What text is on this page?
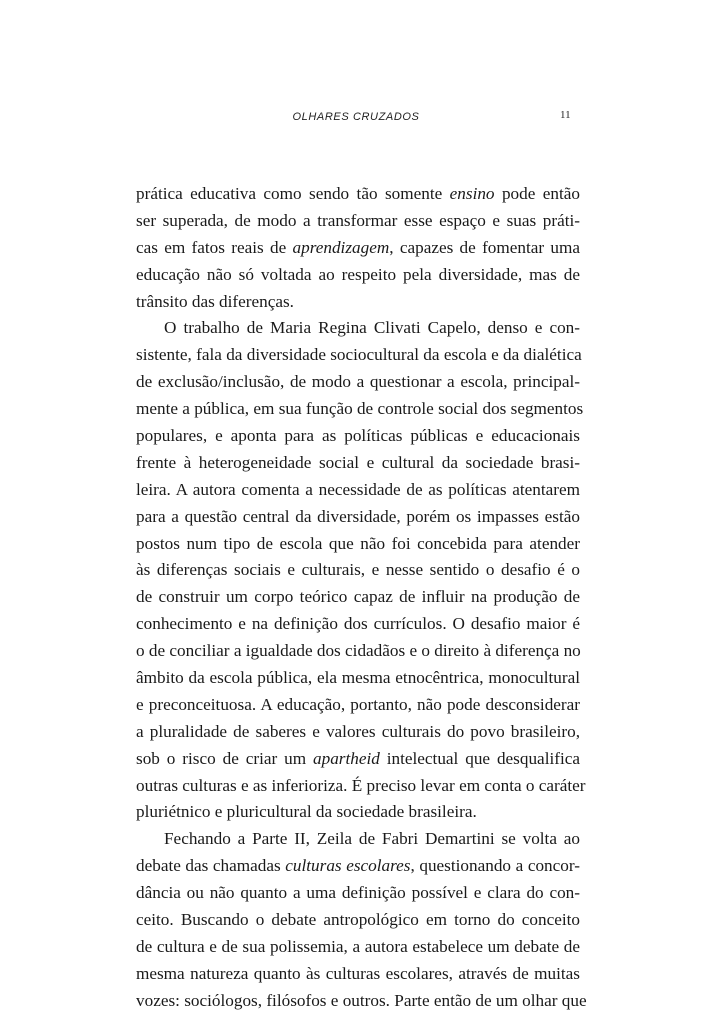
OLHARES CRUZADOS	11
prática educativa como sendo tão somente ensino pode então
ser superada, de modo a transformar esse espaço e suas práti-
cas em fatos reais de aprendizagem, capazes de fomentar uma
educação não só voltada ao respeito pela diversidade, mas de
trânsito das diferenças.
O trabalho de Maria Regina Clivati Capelo, denso e con-
sistente, fala da diversidade sociocultural da escola e da dialética
de exclusão/inclusão, de modo a questionar a escola, principal-
mente a pública, em sua função de controle social dos segmentos
populares, e aponta para as políticas públicas e educacionais
frente à heterogeneidade social e cultural da sociedade brasi-
leira. A autora comenta a necessidade de as políticas atentarem
para a questão central da diversidade, porém os impasses estão
postos num tipo de escola que não foi concebida para atender
às diferenças sociais e culturais, e nesse sentido o desafio é o
de construir um corpo teórico capaz de influir na produção de
conhecimento e na definição dos currículos. O desafio maior é
o de conciliar a igualdade dos cidadãos e o direito à diferença no
âmbito da escola pública, ela mesma etnocêntrica, monocultural
e preconceituosa. A educação, portanto, não pode desconsiderar
a pluralidade de saberes e valores culturais do povo brasileiro,
sob o risco de criar um apartheid intelectual que desqualifica
outras culturas e as inferioriza. É preciso levar em conta o caráter
pluriétnico e pluricultural da sociedade brasileira.
Fechando a Parte II, Zeila de Fabri Demartini se volta ao
debate das chamadas culturas escolares, questionando a concor-
dância ou não quanto a uma definição possível e clara do con-
ceito. Buscando o debate antropológico em torno do conceito
de cultura e de sua polissemia, a autora estabelece um debate de
mesma natureza quanto às culturas escolares, através de muitas
vozes: sociólogos, filósofos e outros. Parte então de um olhar que
